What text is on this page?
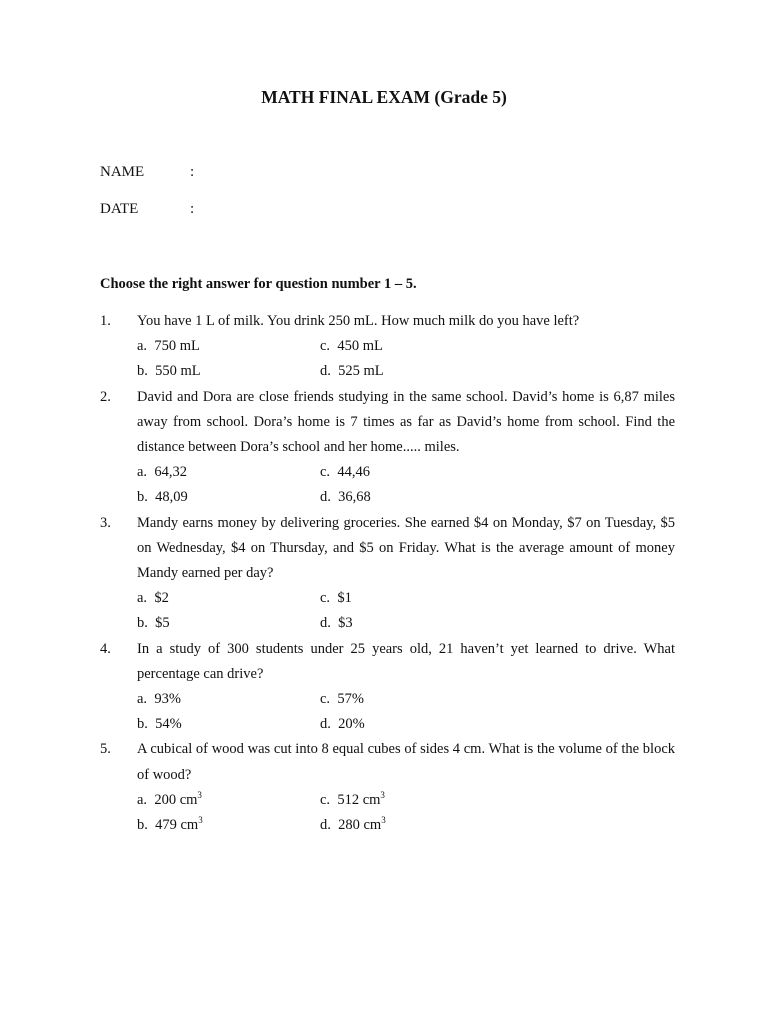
MATH FINAL EXAM (Grade 5)
NAME	:
DATE	:
Choose the right answer for question number 1 – 5.
1. You have 1 L of milk. You drink 250 mL. How much milk do you have left?
a. 750 mL	c. 450 mL
b. 550 mL	d. 525 mL
2. David and Dora are close friends studying in the same school. David’s home is 6,87 miles away from school. Dora’s home is 7 times as far as David’s home from school. Find the distance between Dora’s school and her home..... miles.
a. 64,32	c. 44,46
b. 48,09	d. 36,68
3. Mandy earns money by delivering groceries. She earned $4 on Monday, $7 on Tuesday, $5 on Wednesday, $4 on Thursday, and $5 on Friday. What is the average amount of money Mandy earned per day?
a. $2	c. $1
b. $5	d. $3
4. In a study of 300 students under 25 years old, 21 haven’t yet learned to drive. What percentage can drive?
a. 93%	c. 57%
b. 54%	d. 20%
5. A cubical of wood was cut into 8 equal cubes of sides 4 cm. What is the volume of the block of wood?
a. 200 $cm^3$	c. 512 $cm^3$
b. 479 $cm^3$	d. 280 $cm^3$
